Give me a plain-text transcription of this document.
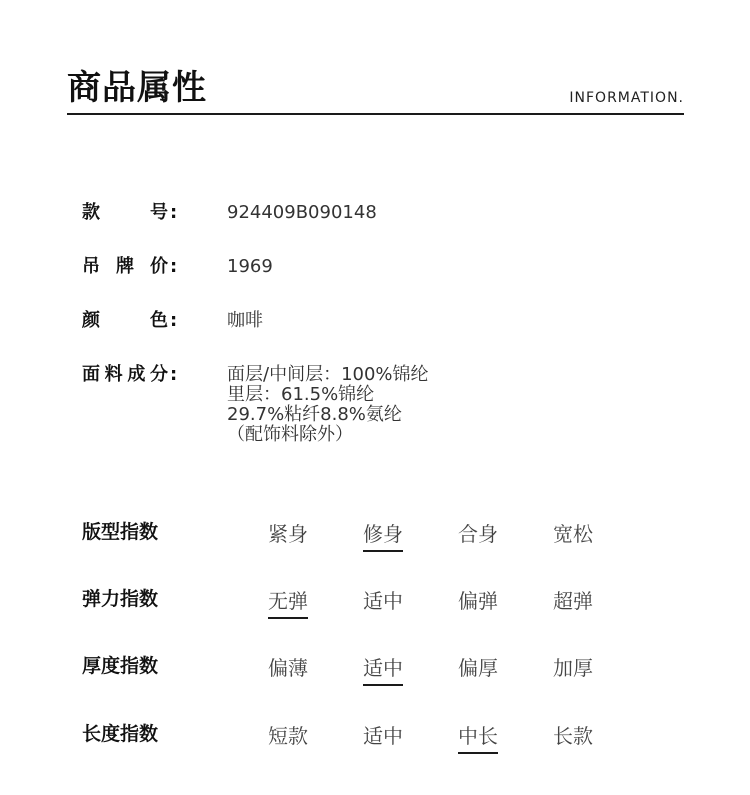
商品属性	INFORMATION.
款	号 :	924409B090148
吊 牌 价 :	1969
颜	色 :	咖啡
面 料 成 分 :	面层/中间层：100%锦纶
里层：61.5%锦纶
29.7%粘纤8.8%氨纶
（配饰料除外）
版型指数	紧身	修身	合身	宽松
弹力指数	无弹	适中	偏弹	超弹
厚度指数	偏薄	适中	偏厚	加厚
长度指数	短款	适中	中长	长款
